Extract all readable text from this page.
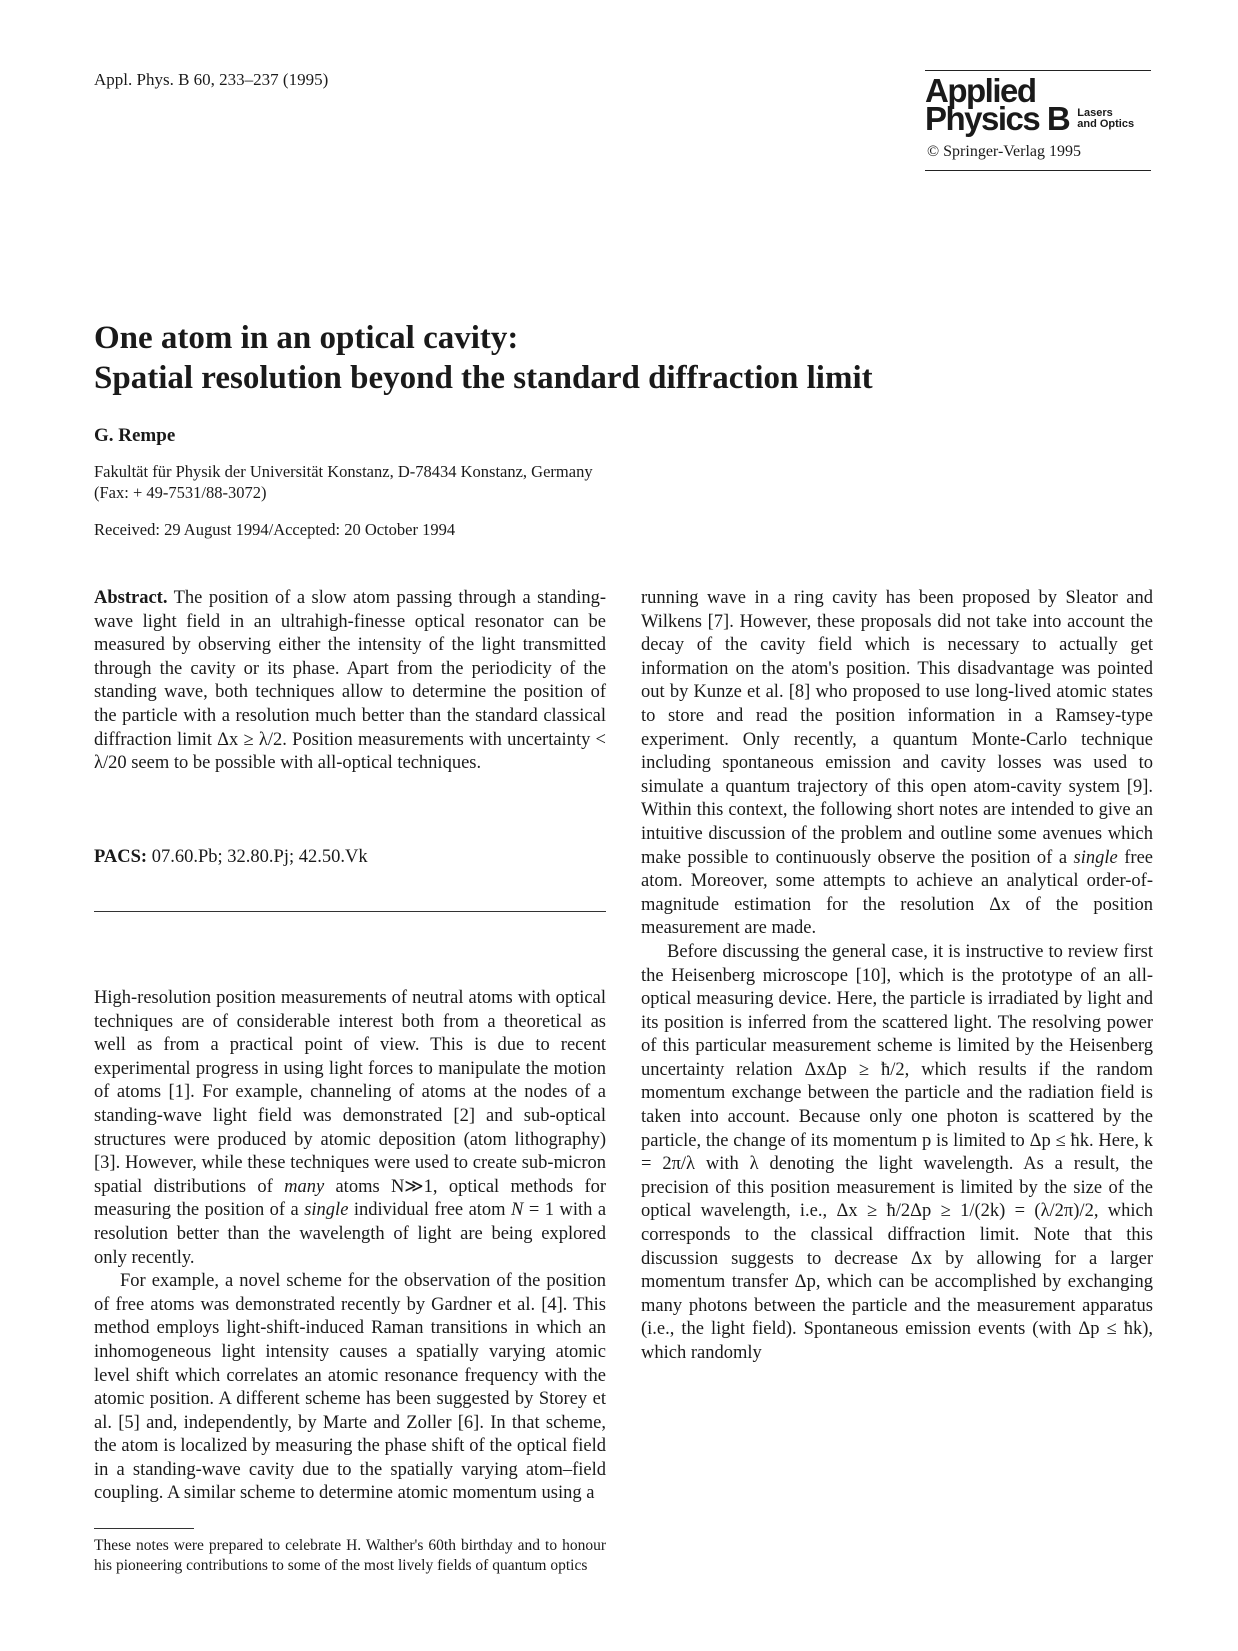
Appl. Phys. B 60, 233–237 (1995)	Applied
Physics B Lasers
and Optics
© Springer-Verlag 1995
One atom in an optical cavity:
Spatial resolution beyond the standard diffraction limit
G. Rempe
Fakultät für Physik der Universität Konstanz, D-78434 Konstanz, Germany
(Fax: + 49-7531/88-3072)
Received: 29 August 1994/Accepted: 20 October 1994

Abstract. The position of a slow atom passing through a standing-wave light field in an ultrahigh-finesse optical resonator can be measured by observing either the intensity of the light transmitted through the cavity or its phase. Apart from the periodicity of the standing wave, both techniques allow to determine the position of the particle with a resolution much better than the standard classical diffraction limit Δx ≥ λ/2. Position measurements with uncertainty < λ/20 seem to be possible with all-optical techniques.

PACS: 07.60.Pb; 32.80.Pj; 42.50.Vk

High-resolution position measurements of neutral atoms with optical techniques are of considerable interest both from a theoretical as well as from a practical point of view. This is due to recent experimental progress in using light forces to manipulate the motion of atoms [1]. For example, channeling of atoms at the nodes of a standing-wave light field was demonstrated [2] and sub-optical structures were produced by atomic deposition (atom lithography) [3]. However, while these techniques were used to create sub-micron spatial distributions of many atoms N≫1, optical methods for measuring the position of a single individual free atom N = 1 with a resolution better than the wavelength of light are being explored only recently.

For example, a novel scheme for the observation of the position of free atoms was demonstrated recently by Gardner et al. [4]. This method employs light-shift-induced Raman transitions in which an inhomogeneous light intensity causes a spatially varying atomic level shift which correlates an atomic resonance frequency with the atomic position. A different scheme has been suggested by Storey et al. [5] and, independently, by Marte and Zoller [6]. In that scheme, the atom is localized by measuring the phase shift of the optical field in a standing-wave cavity due to the spatially varying atom–field coupling. A similar scheme to determine atomic momentum using a

running wave in a ring cavity has been proposed by Sleator and Wilkens [7]. However, these proposals did not take into account the decay of the cavity field which is necessary to actually get information on the atom's position. This disadvantage was pointed out by Kunze et al. [8] who proposed to use long-lived atomic states to store and read the position information in a Ramsey-type experiment. Only recently, a quantum Monte-Carlo technique including spontaneous emission and cavity losses was used to simulate a quantum trajectory of this open atom-cavity system [9]. Within this context, the following short notes are intended to give an intuitive discussion of the problem and outline some avenues which make possible to continuously observe the position of a single free atom. Moreover, some attempts to achieve an analytical order-of-magnitude estimation for the resolution Δx of the position measurement are made.

Before discussing the general case, it is instructive to review first the Heisenberg microscope [10], which is the prototype of an all-optical measuring device. Here, the particle is irradiated by light and its position is inferred from the scattered light. The resolving power of this particular measurement scheme is limited by the Heisenberg uncertainty relation ΔxΔp ≥ ħ/2, which results if the random momentum exchange between the particle and the radiation field is taken into account. Because only one photon is scattered by the particle, the change of its momentum p is limited to Δp ≤ ħk. Here, k = 2π/λ with λ denoting the light wavelength. As a result, the precision of this position measurement is limited by the size of the optical wavelength, i.e., Δx ≥ ħ/2Δp ≥ 1/(2k) = (λ/2π)/2, which corresponds to the classical diffraction limit. Note that this discussion suggests to decrease Δx by allowing for a larger momentum transfer Δp, which can be accomplished by exchanging many photons between the particle and the measurement apparatus (i.e., the light field). Spontaneous emission events (with Δp ≤ ħk), which randomly

These notes were prepared to celebrate H. Walther's 60th birthday and to honour his pioneering contributions to some of the most lively fields of quantum optics
